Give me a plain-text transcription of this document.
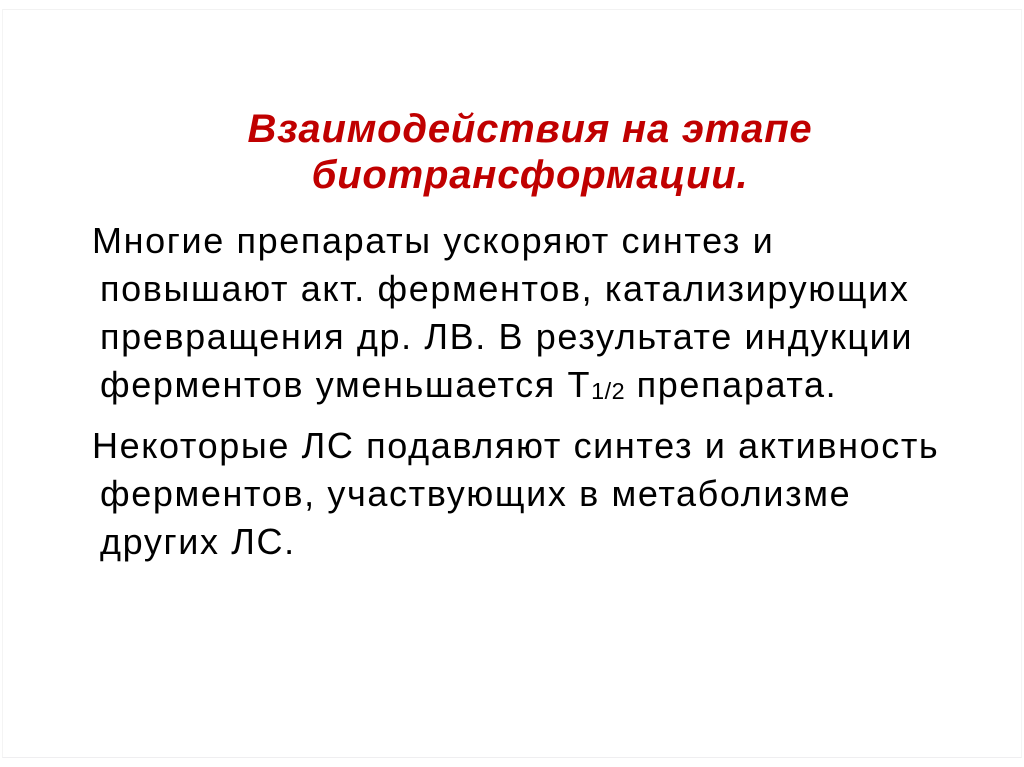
Взаимодействия на этапе
биотрансформации.
Многие препараты ускоряют синтез и
повышают акт. ферментов, катализирующих
превращения др. ЛВ. В результате индукции
ферментов уменьшается Т1/2 препарата.
Некоторые ЛС подавляют синтез и активность
ферментов, участвующих в метаболизме
других ЛС.
